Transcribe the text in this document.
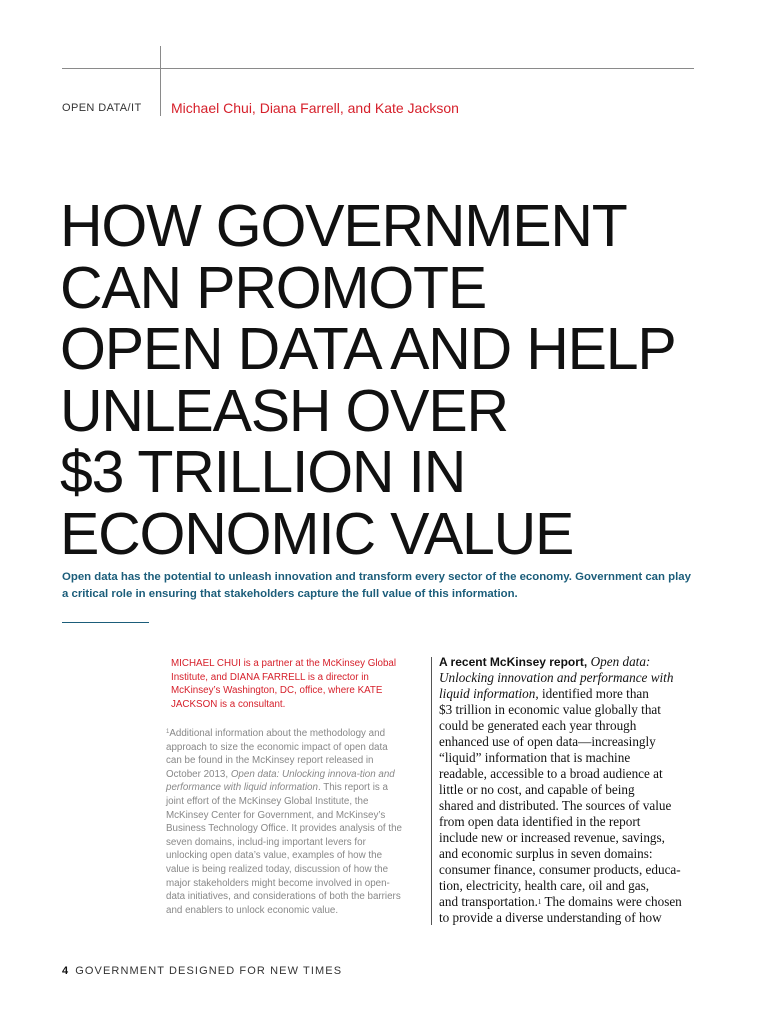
OPEN DATA/IT Michael Chui, Diana Farrell, and Kate Jackson
HOW GOVERNMENT
CAN PROMOTE
OPEN DATA AND HELP
UNLEASH OVER
$3 TRILLION IN
ECONOMIC VALUE

Open data has the potential to unleash innovation and transform every sector of the economy. Government can play a critical role in ensuring that stakeholders capture the full value of this information.

MICHAEL CHUI is a partner at the McKinsey Global Institute, and DIANA FARRELL is a director in McKinsey’s Washington, DC, office, where KATE JACKSON is a consultant.

$^1$Additional information about the methodology and approach to size the economic impact of open data can be found in the McKinsey report released in October 2013, Open data: Unlocking innova-tion and performance with liquid information. This report is a joint effort of the McKinsey Global Institute, the McKinsey Center for Government, and McKinsey’s Business Technology Office. It provides analysis of the seven domains, includ-ing important levers for unlocking open data’s value, examples of how the value is being realized today, discussion of how the major stakeholders might become involved in open-data initiatives, and considerations of both the barriers and enablers to unlock economic value.

A recent McKinsey report, Open data:
Unlocking innovation and performance with
liquid information, identified more than
$3 trillion in economic value globally that
could be generated each year through
enhanced use of open data—increasingly
“liquid” information that is machine
readable, accessible to a broad audience at
little or no cost, and capable of being
shared and distributed. The sources of value
from open data identified in the report
include new or increased revenue, savings,
and economic surplus in seven domains:
consumer finance, consumer products, educa-
tion, electricity, health care, oil and gas,
and transportation.$^1$ The domains were chosen
to provide a diverse understanding of how
4 GOVERNMENT DESIGNED FOR NEW TIMES
